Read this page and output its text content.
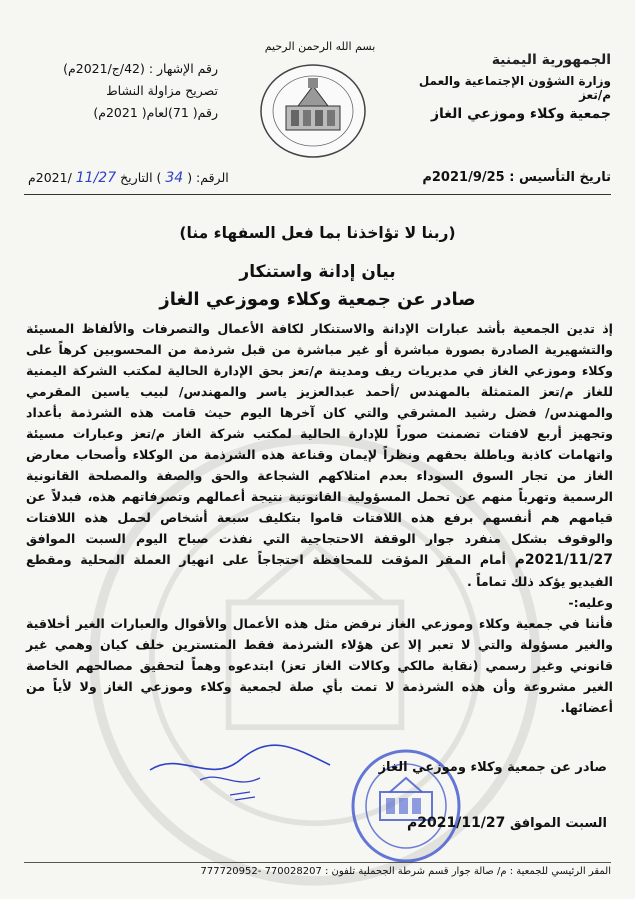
الجمهورية اليمنية
وزارة الشؤون الإجتماعية والعمل م/تعز
جمعية وكلاء وموزعي الغاز
بسم الله الرحمن الرحيم
رقم الإشهار : (42/ج/2021م)
تصريح مزاولة النشاط
رقم( 71)لعام( 2021م)
تاريخ التأسيس : 2021/9/25م
الرقم: ( 34 ) التاريخ 11/27 /2021م
(ربنا لا تؤاخذنا بما فعل السفهاء منا)
بيان إدانة واستنكار
صادر عن جمعية وكلاء وموزعي الغاز

إذ تدين الجمعية بأشد عبارات الإدانة والاستنكار لكافة الأعمال والتصرفات والألفاظ المسيئة والتشهيرية الصادرة بصورة مباشرة أو غير مباشرة من قبل شرذمة من المحسوبين كرهاً على وكلاء وموزعي الغاز في مديريات ريف ومدينة م/تعز بحق الإدارة الحالية لمكتب الشركة اليمنية للغاز م/تعز المتمثلة بالمهندس /أحمد عبدالعزيز ياسر والمهندس/ لبيب ياسين المقرمي والمهندس/ فضل رشيد المشرقي والتي كان آخرها اليوم حيث قامت هذه الشرذمة بأعداد وتجهيز أربع لافتات تضمنت صوراً للإدارة الحالية لمكتب شركة الغاز م/تعز وعبارات مسيئة واتهامات كاذبة وباطلة بحقهم ونظراً لإيمان وقناعة هذه الشرذمة من الوكلاء وأصحاب معارض الغاز من تجار السوق السوداء بعدم امتلاكهم الشجاعة والحق والصفة والمصلحة القانونية الرسمية وتهرباً منهم عن تحمل المسؤولية القانونية نتيجة أعمالهم وتصرفاتهم هذه، فبدلاً عن قيامهم هم أنفسهم برفع هذه اللافتات قاموا بتكليف سبعة أشخاص لحمل هذه اللافتات والوقوف بشكل منفرد جوار الوقفة الاحتجاجية التي نفذت صباح اليوم السبت الموافق 2021/11/27م أمام المقر المؤقت للمحافظة احتجاجاً على انهيار العملة المحلية ومقطع الفيديو يؤكد ذلك تماماً .

وعليه:-

فأننا في جمعية وكلاء وموزعي الغاز نرفض مثل هذه الأعمال والأقوال والعبارات الغير أخلاقية والغير مسؤولة والتي لا تعبر إلا عن هؤلاء الشرذمة فقط المتسترين خلف كيان وهمي غير قانوني وغير رسمي (نقابة مالكي وكالات الغاز تعز) ابتدعوه وهماً لتحقيق مصالحهم الخاصة الغير مشروعة وأن هذه الشرذمة لا تمت بأي صلة لجمعية وكلاء وموزعي الغاز ولا لأياً من أعضائها.

صادر عن جمعية وكلاء وموزعي الغاز
السبت الموافق 2021/11/27م
المقر الرئيسي للجمعية : م/ صالة جوار قسم شرطة الجحملية تلفون : 770028207 -777720952
